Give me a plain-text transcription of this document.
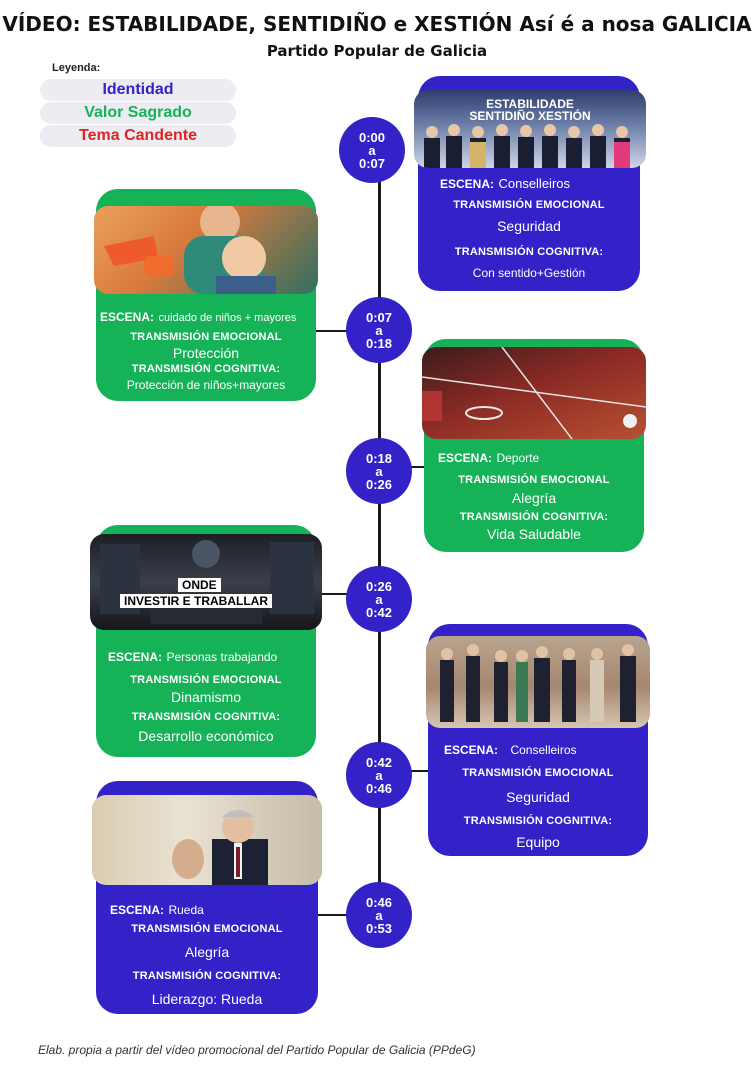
VÍDEO: ESTABILIDADE, SENTIDIÑO e XESTIÓN Así é a nosa GALICIA
Partido Popular de Galicia
Leyenda:
Identidad
Valor Sagrado
Tema Candente	0:00
a
0:07
0:07
a
0:18
0:18
a
0:26
0:26
a
0:42
0:42
a
0:46
0:46
a
0:53
ESTABILIDADE SENTIDIÑO XESTIÓN
ESCENA: Conselleiros
TRANSMISIÓN EMOCIONAL
Seguridad
TRANSMISIÓN COGNITIVA:
Con sentido+Gestión
ESCENA: cuidado de niños + mayores
TRANSMISIÓN EMOCIONAL
Protección
TRANSMISIÓN COGNITIVA:
Protección de niños+mayores
ESCENA: Deporte
TRANSMISIÓN EMOCIONAL
Alegría
TRANSMISIÓN COGNITIVA:
Vida Saludable
ONDE
INVESTIR E TRABALLAR
ESCENA: Personas trabajando
TRANSMISIÓN EMOCIONAL
Dinamismo
TRANSMISIÓN COGNITIVA:
Desarrollo económico
ESCENA: Conselleiros
TRANSMISIÓN EMOCIONAL
Seguridad
TRANSMISIÓN COGNITIVA:
Equipo
ESCENA: Rueda
TRANSMISIÓN EMOCIONAL
Alegría
TRANSMISIÓN COGNITIVA:
Liderazgo: Rueda
Elab. propia a partir del vídeo promocional del Partido Popular de Galicia (PPdeG)
